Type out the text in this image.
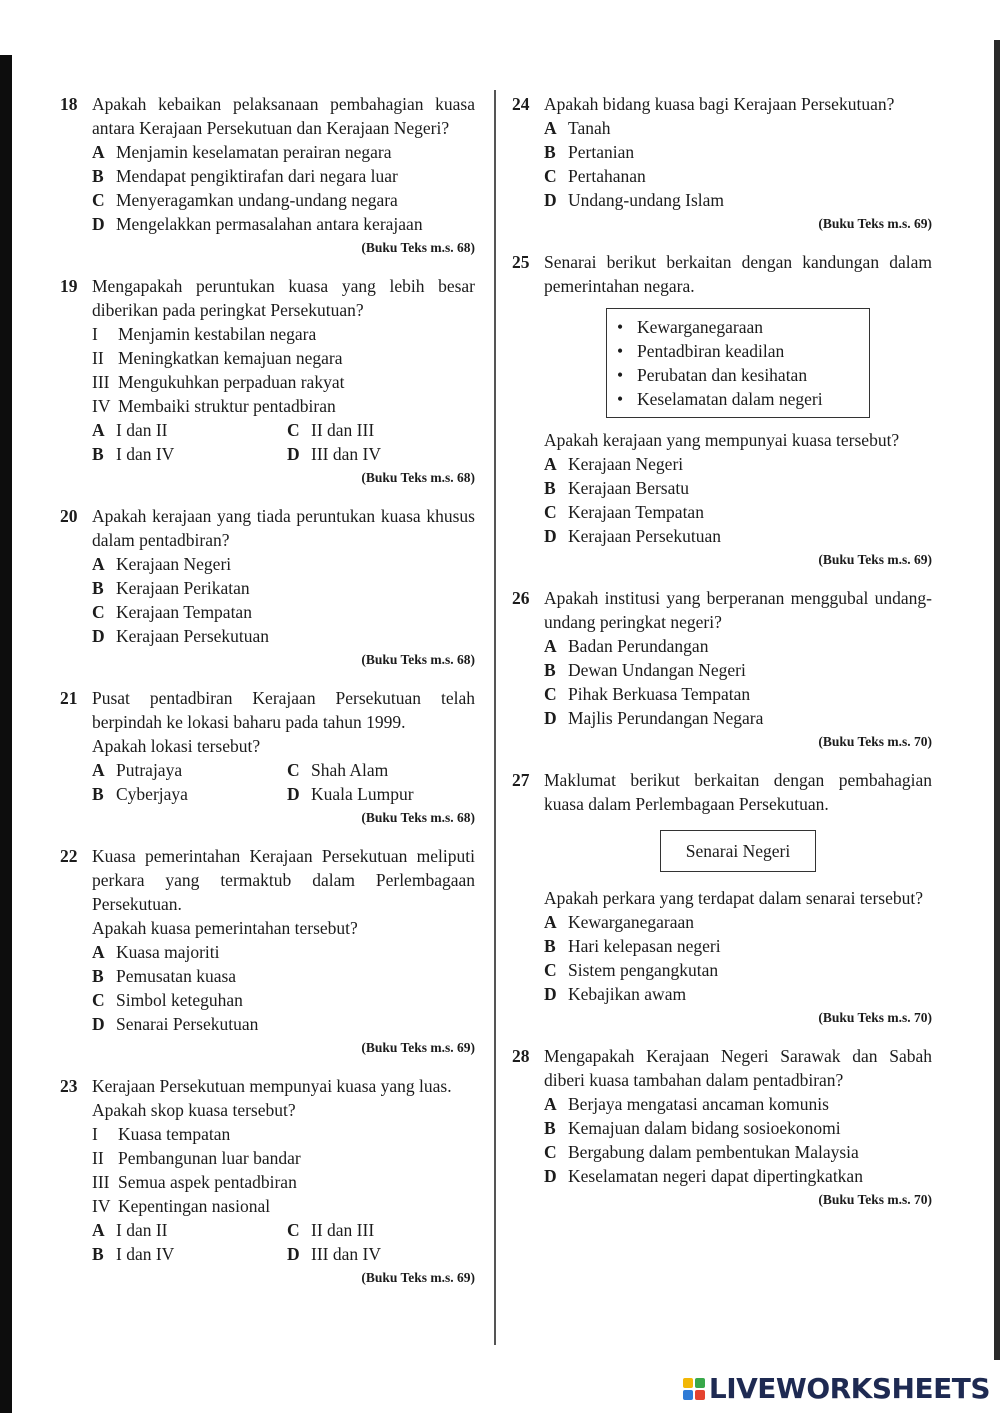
18 Apakah kebaikan pelaksanaan pembahagian kuasa antara Kerajaan Persekutuan dan Kerajaan Negeri?
A Menjamin keselamatan perairan negara
B Mendapat pengiktirafan dari negara luar
C Menyeragamkan undang-undang negara
D Mengelakkan permasalahan antara kerajaan
(Buku Teks m.s. 68)
19 Mengapakah peruntukan kuasa yang lebih besar diberikan pada peringkat Persekutuan?
I	Menjamin kestabilan negara
II Meningkatkan kemajuan negara
III Mengukuhkan perpaduan rakyat
IV Membaiki struktur pentadbiran
A I dan II	C II dan III
B I dan IV	D III dan IV
(Buku Teks m.s. 68)
20 Apakah kerajaan yang tiada peruntukan kuasa khusus dalam pentadbiran?
A Kerajaan Negeri
B Kerajaan Perikatan
C Kerajaan Tempatan
D Kerajaan Persekutuan
(Buku Teks m.s. 68)
21 Pusat pentadbiran Kerajaan Persekutuan telah berpindah ke lokasi baharu pada tahun 1999.
Apakah lokasi tersebut?
A Putrajaya	C Shah Alam
B Cyberjaya	D Kuala Lumpur
(Buku Teks m.s. 68)
22 Kuasa pemerintahan Kerajaan Persekutuan meliputi perkara yang termaktub dalam Perlembagaan Persekutuan.
Apakah kuasa pemerintahan tersebut?
A Kuasa majoriti
B Pemusatan kuasa
C Simbol keteguhan
D Senarai Persekutuan
(Buku Teks m.s. 69)
23 Kerajaan Persekutuan mempunyai kuasa yang luas.
Apakah skop kuasa tersebut?
I	Kuasa tempatan
II Pembangunan luar bandar
III Semua aspek pentadbiran
IV Kepentingan nasional
A I dan II	C II dan III
B I dan IV	D III dan IV
(Buku Teks m.s. 69)
24 Apakah bidang kuasa bagi Kerajaan Persekutuan?
A Tanah
B Pertanian
C Pertahanan
D Undang-undang Islam
(Buku Teks m.s. 69)
25 Senarai berikut berkaitan dengan kandungan dalam pemerintahan negara.
• Kewarganegaraan
• Pentadbiran keadilan
• Perubatan dan kesihatan
• Keselamatan dalam negeri
Apakah kerajaan yang mempunyai kuasa tersebut?
A Kerajaan Negeri
B Kerajaan Bersatu
C Kerajaan Tempatan
D Kerajaan Persekutuan
(Buku Teks m.s. 69)
26 Apakah institusi yang berperanan menggubal undang-undang peringkat negeri?
A Badan Perundangan
B Dewan Undangan Negeri
C Pihak Berkuasa Tempatan
D Majlis Perundangan Negara
(Buku Teks m.s. 70)
27 Maklumat berikut berkaitan dengan pembahagian kuasa dalam Perlembagaan Persekutuan.
Senarai Negeri
Apakah perkara yang terdapat dalam senarai tersebut?
A Kewarganegaraan
B Hari kelepasan negeri
C Sistem pengangkutan
D Kebajikan awam
(Buku Teks m.s. 70)
28 Mengapakah Kerajaan Negeri Sarawak dan Sabah diberi kuasa tambahan dalam pentadbiran?
A Berjaya mengatasi ancaman komunis
B Kemajuan dalam bidang sosioekonomi
C Bergabung dalam pembentukan Malaysia
D Keselamatan negeri dapat dipertingkatkan
(Buku Teks m.s. 70)
LIVEWORKSHEETS
